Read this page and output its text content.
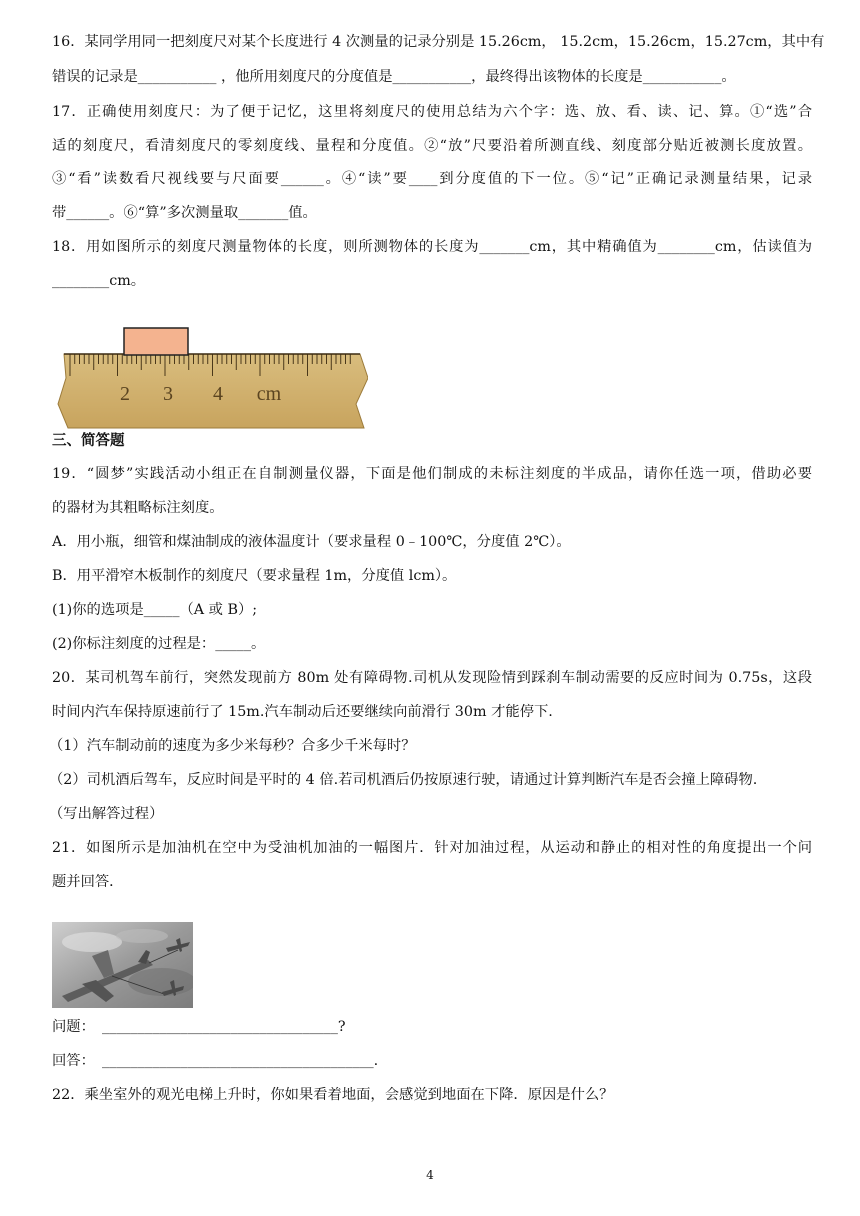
16．某同学用同一把刻度尺对某个长度进行 4 次测量的记录分别是 15.26cm， 15.2cm，15.26cm，15.27cm，其中有
错误的记录是___________ ，他所用刻度尺的分度值是___________，最终得出该物体的长度是___________。
17．正确使用刻度尺：为了便于记忆，这里将刻度尺的使用总结为六个字：选、放、看、读、记、算。①“选”合
适的刻度尺，看清刻度尺的零刻度线、量程和分度值。②“放”尺要沿着所测直线、刻度部分贴近被测长度放置。
③“看”读数看尺视线要与尺面要______。④“读”要____到分度值的下一位。⑤“记”正确记录测量结果，记录
带______。⑥“算”多次测量取_______值。
18．用如图所示的刻度尺测量物体的长度，则所测物体的长度为_______cm，其中精确值为________cm，估读值为
________cm。
2 3 4 cm
三、简答题
19．“圆梦”实践活动小组正在自制测量仪器，下面是他们制成的未标注刻度的半成品，请你任选一项，借助必要
的器材为其粗略标注刻度。
A．用小瓶，细管和煤油制成的液体温度计（要求量程 0﹣100℃，分度值 2℃）。
B．用平滑窄木板制作的刻度尺（要求量程 1m，分度值 lcm）。
(1)你的选项是_____（A 或 B）;
(2)你标注刻度的过程是：_____。
20．某司机驾车前行，突然发现前方 80m 处有障碍物.司机从发现险情到踩刹车制动需要的反应时间为 0.75s，这段
时间内汽车保持原速前行了 15m.汽车制动后还要继续向前滑行 30m 才能停下.
（1）汽车制动前的速度为多少米每秒？合多少千米每时？
（2）司机酒后驾车，反应时间是平时的 4 倍.若司机酒后仍按原速行驶，请通过计算判断汽车是否会撞上障碍物.
（写出解答过程）
21．如图所示是加油机在空中为受油机加油的一幅图片．针对加油过程，从运动和静止的相对性的角度提出一个问
题并回答．
问题：　_________________________________?
回答：　______________________________________.
22．乘坐室外的观光电梯上升时，你如果看着地面，会感觉到地面在下降．原因是什么？
4
